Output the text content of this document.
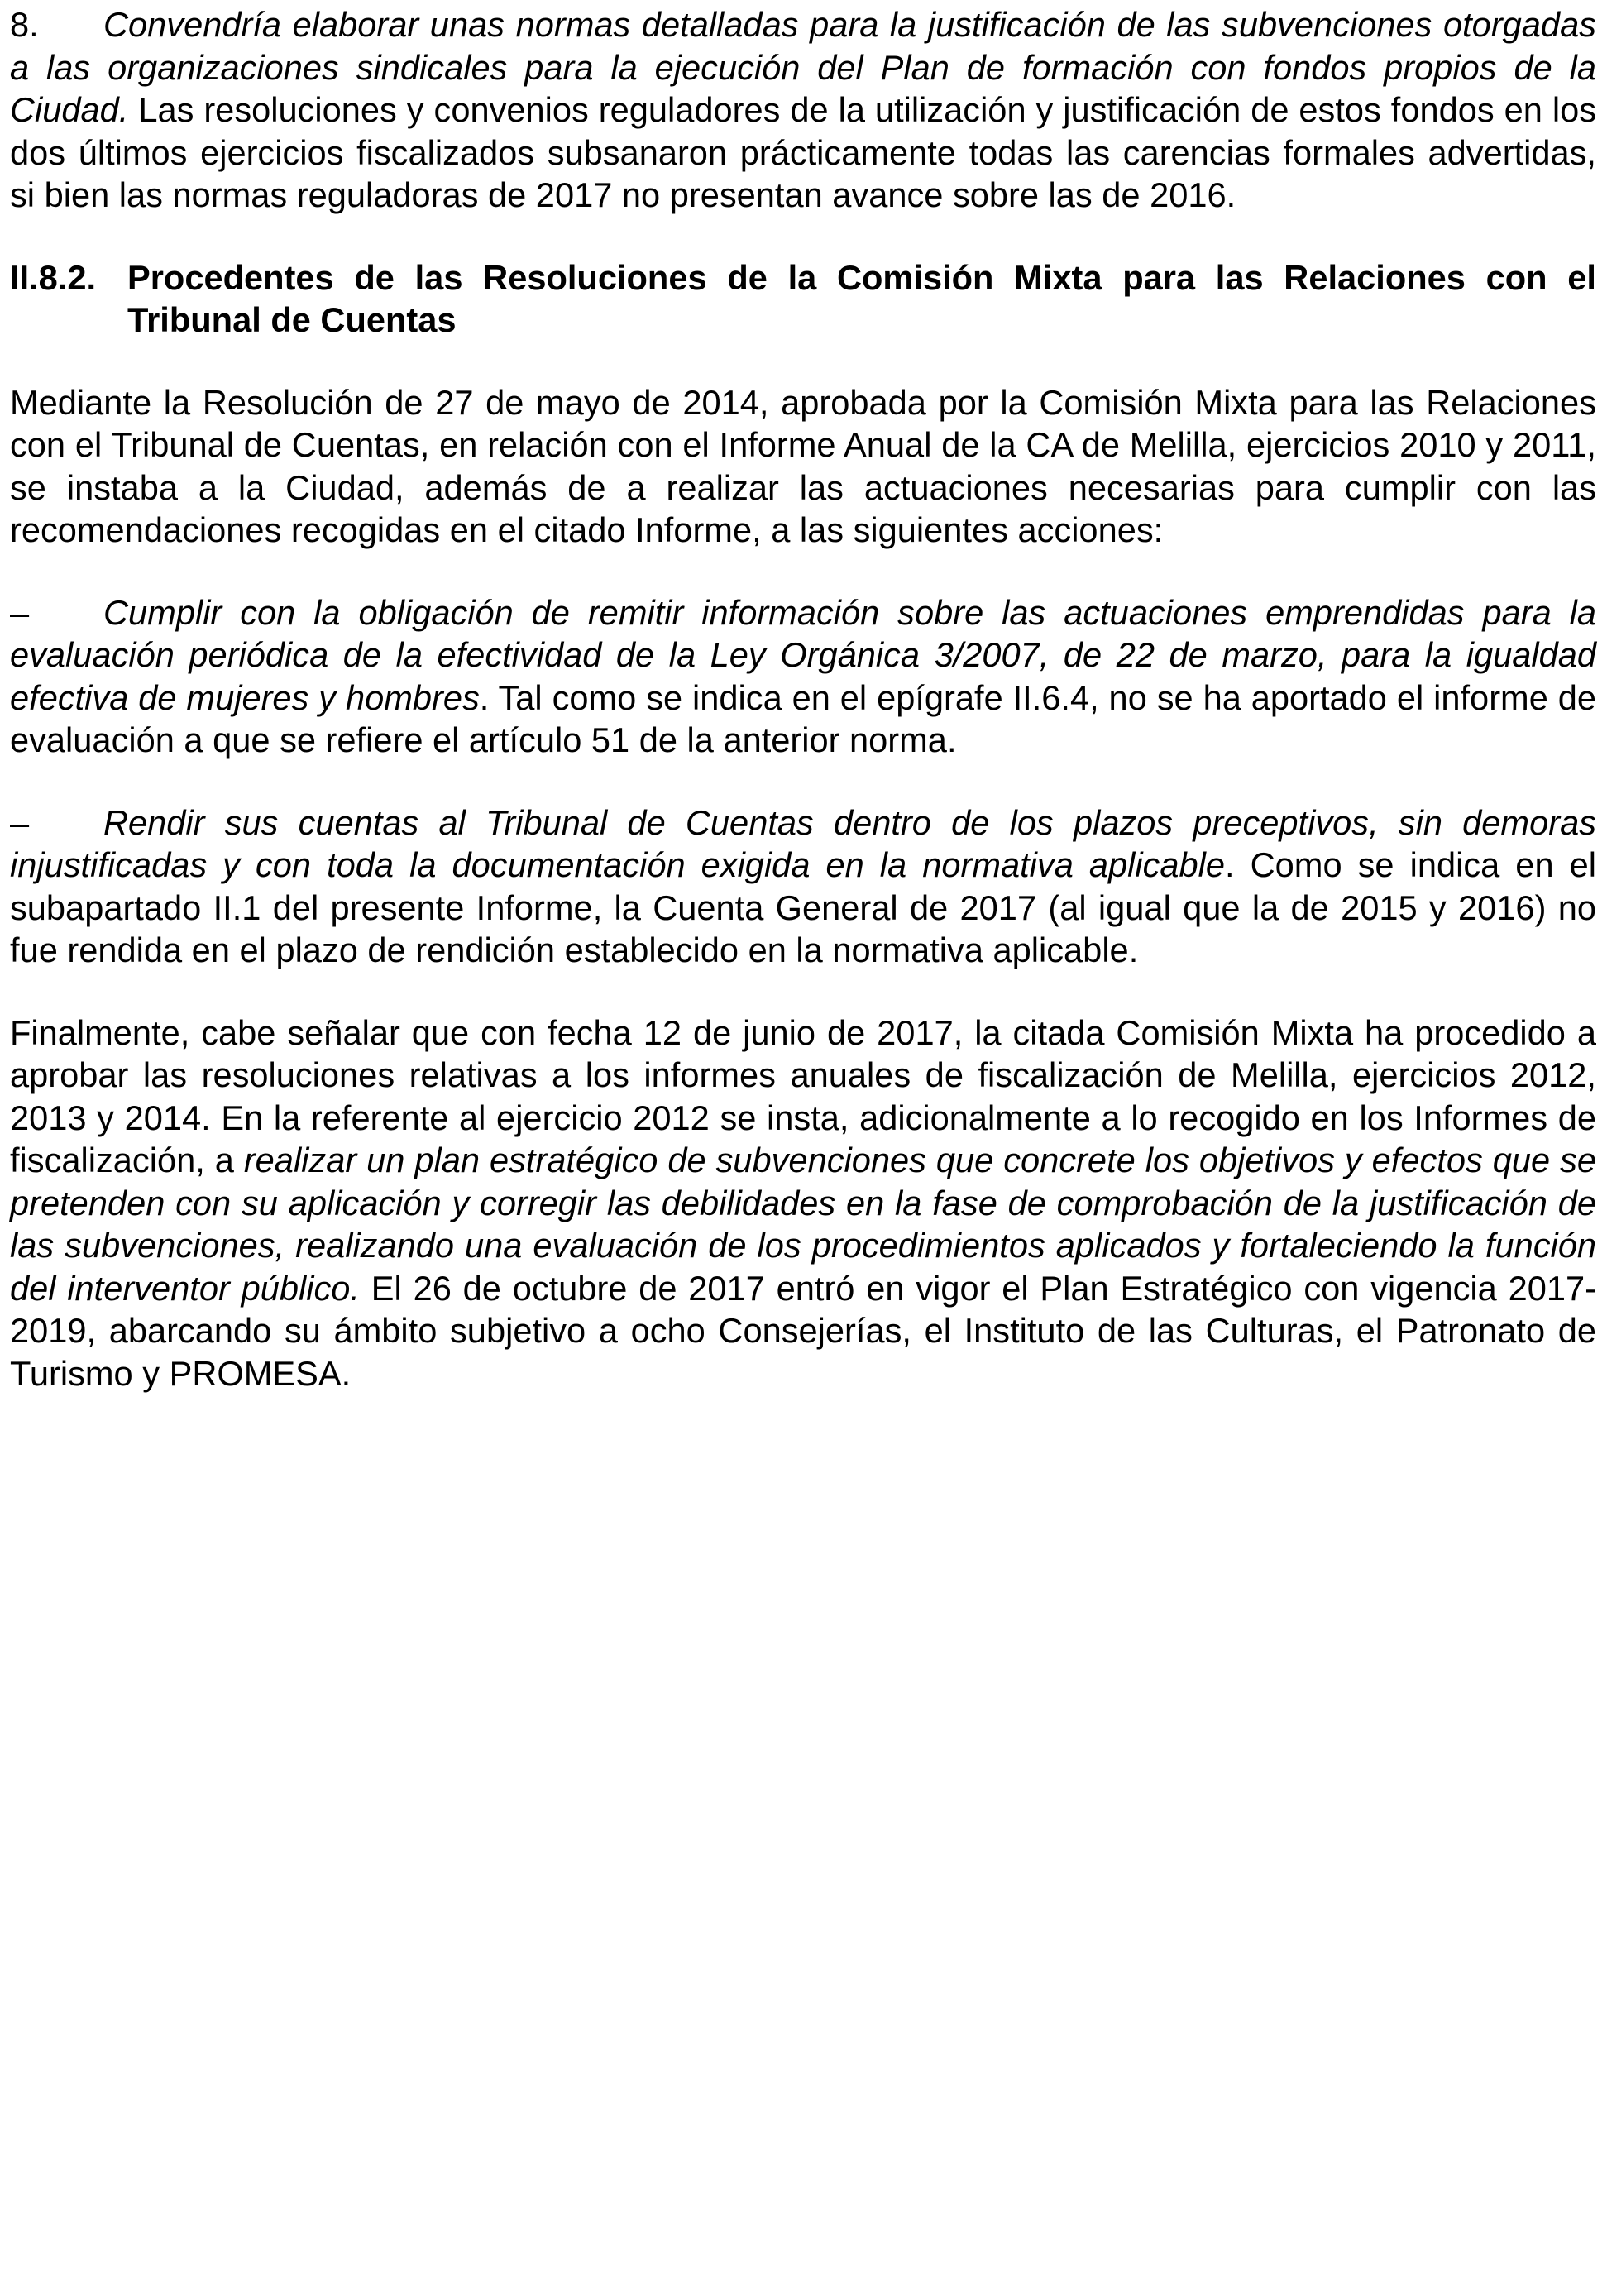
8. Convendría elaborar unas normas detalladas para la justificación de las subvenciones otorgadas a las organizaciones sindicales para la ejecución del Plan de formación con fondos propios de la Ciudad. Las resoluciones y convenios reguladores de la utilización y justificación de estos fondos en los dos últimos ejercicios fiscalizados subsanaron prácticamente todas las carencias formales advertidas, si bien las normas reguladoras de 2017 no presentan avance sobre las de 2016.

II.8.2. Procedentes de las Resoluciones de la Comisión Mixta para las Relaciones con el Tribunal de Cuentas

Mediante la Resolución de 27 de mayo de 2014, aprobada por la Comisión Mixta para las Relaciones con el Tribunal de Cuentas, en relación con el Informe Anual de la CA de Melilla, ejercicios 2010 y 2011, se instaba a la Ciudad, además de a realizar las actuaciones necesarias para cumplir con las recomendaciones recogidas en el citado Informe, a las siguientes acciones:

– Cumplir con la obligación de remitir información sobre las actuaciones emprendidas para la evaluación periódica de la efectividad de la Ley Orgánica 3/2007, de 22 de marzo, para la igualdad efectiva de mujeres y hombres. Tal como se indica en el epígrafe II.6.4, no se ha aportado el informe de evaluación a que se refiere el artículo 51 de la anterior norma.

– Rendir sus cuentas al Tribunal de Cuentas dentro de los plazos preceptivos, sin demoras injustificadas y con toda la documentación exigida en la normativa aplicable. Como se indica en el subapartado II.1 del presente Informe, la Cuenta General de 2017 (al igual que la de 2015 y 2016) no fue rendida en el plazo de rendición establecido en la normativa aplicable.

Finalmente, cabe señalar que con fecha 12 de junio de 2017, la citada Comisión Mixta ha procedido a aprobar las resoluciones relativas a los informes anuales de fiscalización de Melilla, ejercicios 2012, 2013 y 2014. En la referente al ejercicio 2012 se insta, adicionalmente a lo recogido en los Informes de fiscalización, a realizar un plan estratégico de subvenciones que concrete los objetivos y efectos que se pretenden con su aplicación y corregir las debilidades en la fase de comprobación de la justificación de las subvenciones, realizando una evaluación de los procedimientos aplicados y fortaleciendo la función del interventor público. El 26 de octubre de 2017 entró en vigor el Plan Estratégico con vigencia 2017-2019, abarcando su ámbito subjetivo a ocho Consejerías, el Instituto de las Culturas, el Patronato de Turismo y PROMESA.
